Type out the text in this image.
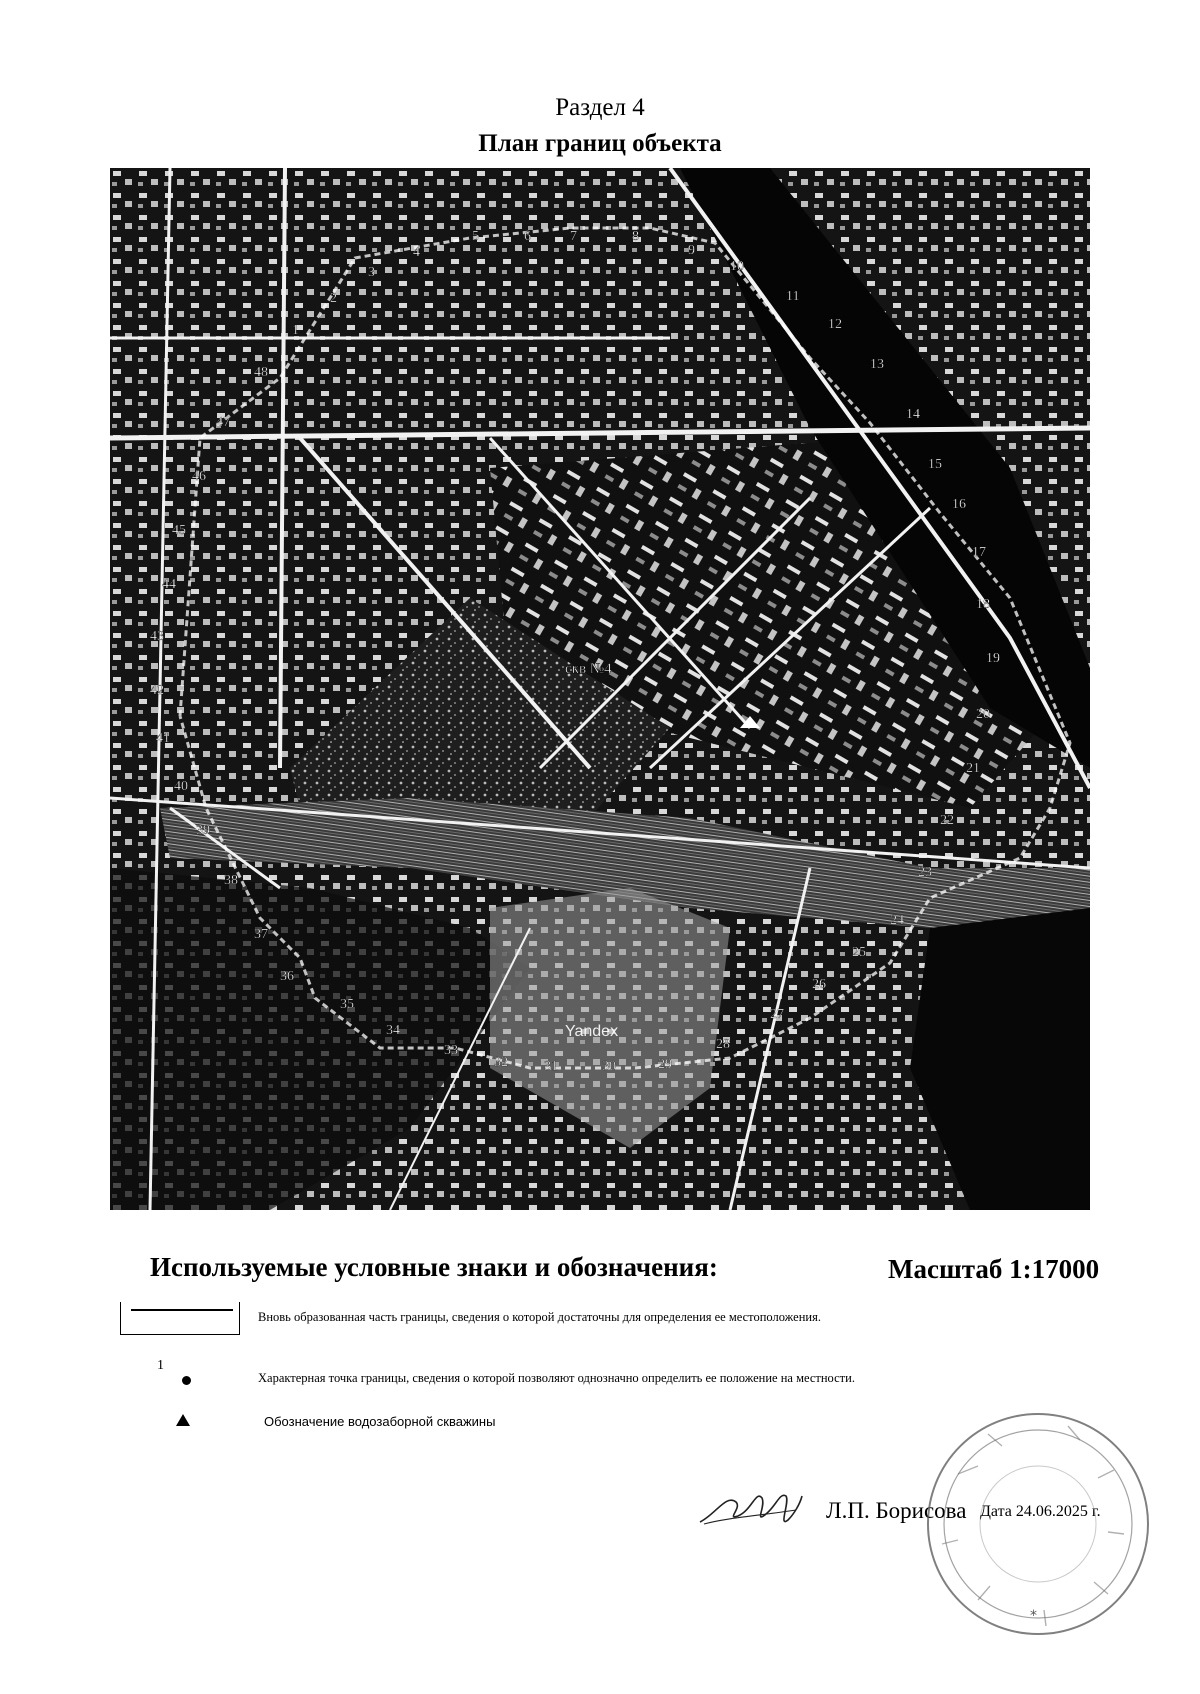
Раздел 4
План границ объекта
1
2
3
4
5	6	7	8
9
10
11
12
13
14
15
16
17
18
19
20
21
22
23
24
25
26
27
28
29
30
31
32
33
34
35
36
37
38
39
40
41
42
43
44
45
46
47
48
скв №4
Yandex
Используемые условные знаки и обозначения:	Масштаб 1:17000
Вновь образованная часть границы, сведения о которой достаточны для определения ее местоположения.
1
Характерная точка границы, сведения о которой позволяют однозначно определить ее положение на местности.
Обозначение водозаборной скважины
Л.П. Борисова Дата 24.06.2025 г.
*
